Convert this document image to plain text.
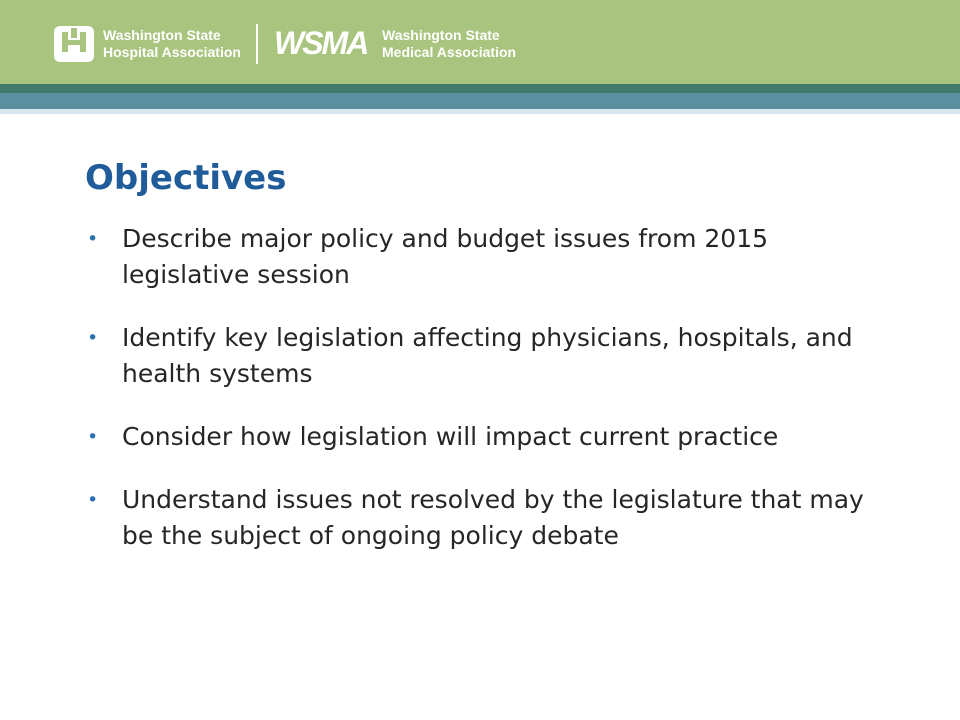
Washington State
Hospital Association WSMA Washington State
Medical Association
Objectives
• Describe major policy and budget issues from 2015 legislative session
• Identify key legislation affecting physicians, hospitals, and health systems
• Consider how legislation will impact current practice
• Understand issues not resolved by the legislature that may be the subject of ongoing policy debate
